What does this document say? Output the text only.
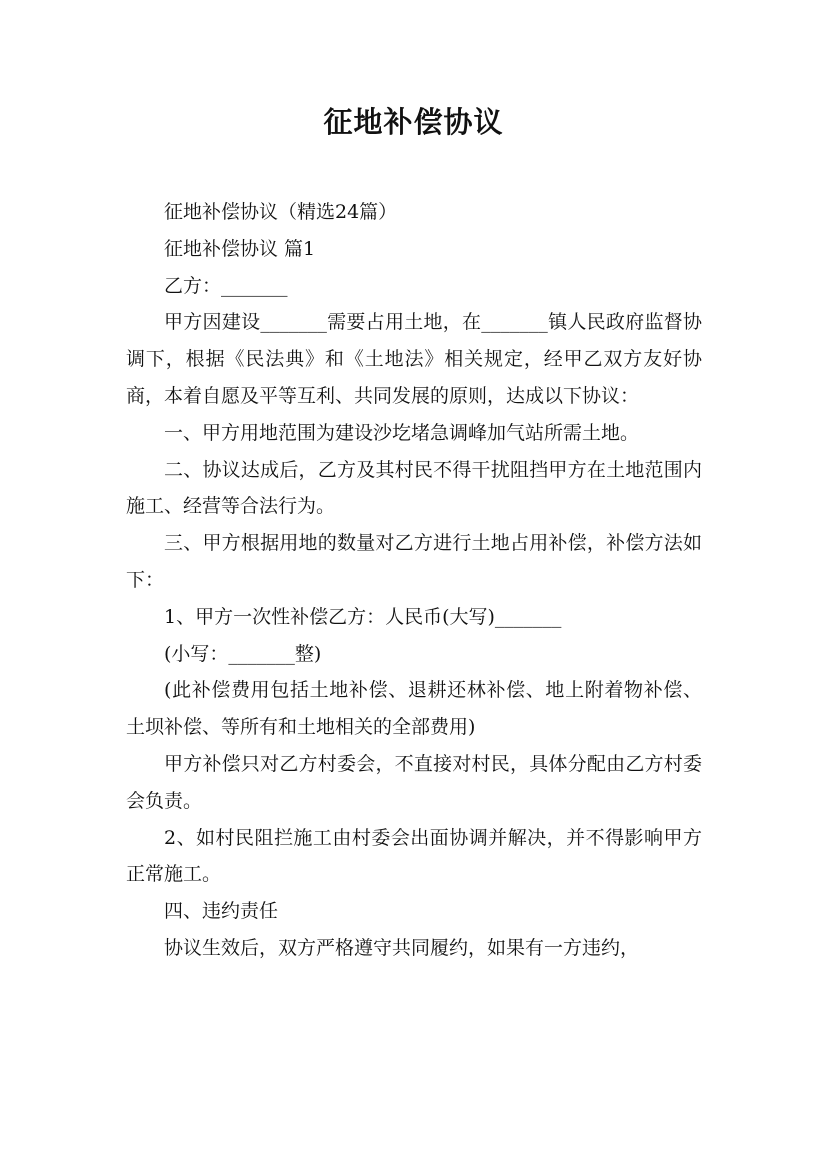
征地补偿协议

征地补偿协议（精选24篇）

征地补偿协议 篇1

乙方：_______

甲方因建设_______需要占用土地，在_______镇人民政府监督协调下，根据《民法典》和《土地法》相关规定，经甲乙双方友好协商，本着自愿及平等互利、共同发展的原则，达成以下协议：

一、甲方用地范围为建设沙圪堵急调峰加气站所需土地。

二、协议达成后，乙方及其村民不得干扰阻挡甲方在土地范围内施工、经营等合法行为。

三、甲方根据用地的数量对乙方进行土地占用补偿，补偿方法如下：

1、甲方一次性补偿乙方：人民币(大写)_______

(小写：_______整)

(此补偿费用包括土地补偿、退耕还林补偿、地上附着物补偿、土坝补偿、等所有和土地相关的全部费用)

甲方补偿只对乙方村委会，不直接对村民，具体分配由乙方村委会负责。

2、如村民阻拦施工由村委会出面协调并解决，并不得影响甲方正常施工。

四、违约责任

协议生效后，双方严格遵守共同履约，如果有一方违约，
